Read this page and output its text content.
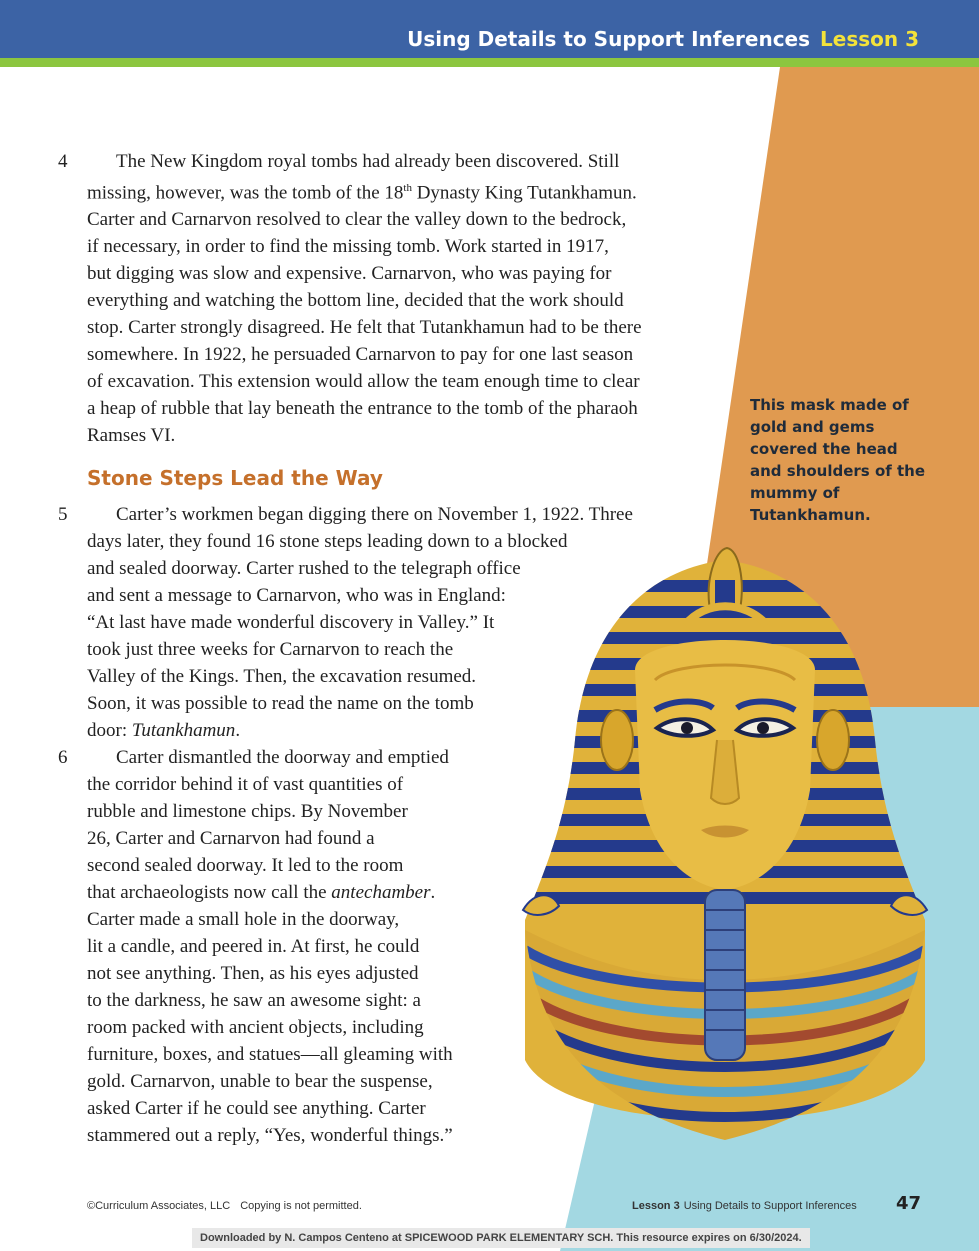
Using Details to Support Inferences Lesson 3
4	The New Kingdom royal tombs had already been discovered. Still
missing, however, was the tomb of the 18th Dynasty King Tutankhamun.
Carter and Carnarvon resolved to clear the valley down to the bedrock,
if necessary, in order to find the missing tomb. Work started in 1917,
but digging was slow and expensive. Carnarvon, who was paying for
everything and watching the bottom line, decided that the work should
stop. Carter strongly disagreed. He felt that Tutankhamun had to be there
somewhere. In 1922, he persuaded Carnarvon to pay for one last season
of excavation. This extension would allow the team enough time to clear
a heap of rubble that lay beneath the entrance to the tomb of the pharaoh
Ramses VI.
Stone Steps Lead the Way
5	Carter’s workmen began digging there on November 1, 1922. Three
days later, they found 16 stone steps leading down to a blocked
and sealed doorway. Carter rushed to the telegraph office
and sent a message to Carnarvon, who was in England:
“At last have made wonderful discovery in Valley.” It
took just three weeks for Carnarvon to reach the
Valley of the Kings. Then, the excavation resumed.
Soon, it was possible to read the name on the tomb
door: Tutankhamun.
6	Carter dismantled the doorway and emptied
the corridor behind it of vast quantities of
rubble and limestone chips. By November
26, Carter and Carnarvon had found a
second sealed doorway. It led to the room
that archaeologists now call the antechamber.
Carter made a small hole in the doorway,
lit a candle, and peered in. At first, he could
not see anything. Then, as his eyes adjusted
to the darkness, he saw an awesome sight: a
room packed with ancient objects, including
furniture, boxes, and statues—all gleaming with
gold. Carnarvon, unable to bear the suspense,
asked Carter if he could see anything. Carter
stammered out a reply, “Yes, wonderful things.”
This mask made of gold and gems covered the head and shoulders of the mummy of Tutankhamun.
©Curriculum Associates, LLC Copying is not permitted.	Lesson 3 Using Details to Support Inferences 47
Downloaded by N. Campos Centeno at SPICEWOOD PARK ELEMENTARY SCH. This resource expires on 6/30/2024.
